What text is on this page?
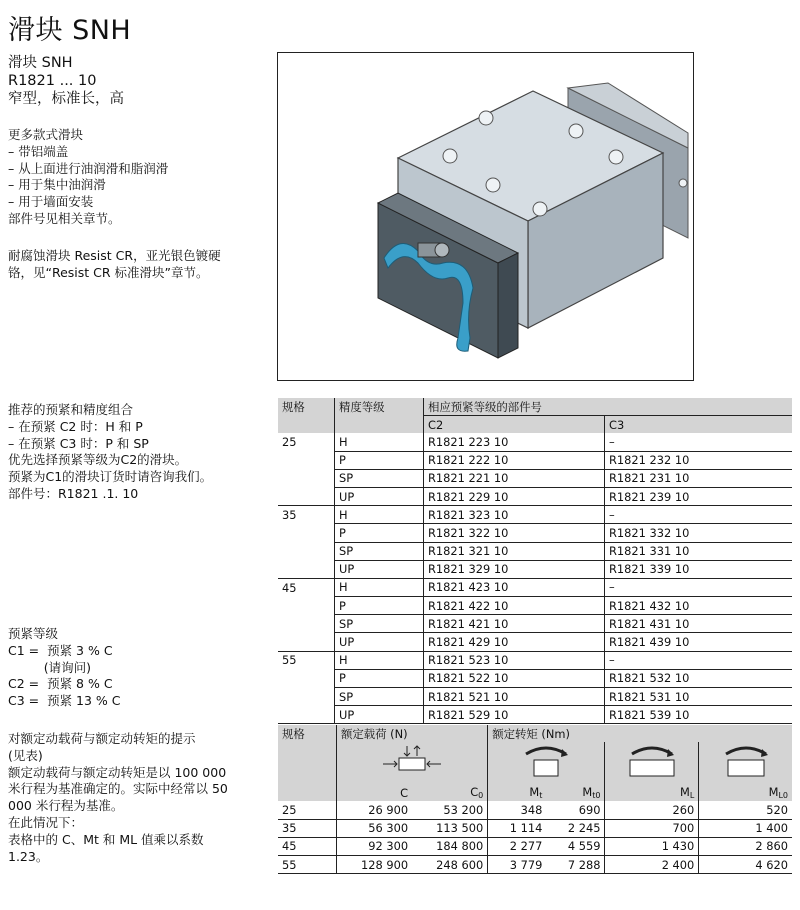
滑块 SNH
滑块 SNH
R1821 ... 10
窄型，标准长，高
更多款式滑块
– 带铝端盖
– 从上面进行油润滑和脂润滑
– 用于集中油润滑
– 用于墙面安装
部件号见相关章节。
耐腐蚀滑块 Resist CR，亚光银色镀硬
铬，见“Resist CR 标准滑块”章节。
推荐的预紧和精度组合
– 在预紧 C2 时：H 和 P
– 在预紧 C3 时：P 和 SP
优先选择预紧等级为C2的滑块。
预紧为C1的滑块订货时请咨询我们。
部件号：R1821 .1. 10
预紧等级
C1 =  预紧 3 % C
(请询问)
C2 =  预紧 8 % C
C3 =  预紧 13 % C
对额定动载荷与额定动转矩的提示
(见表)
额定动载荷与额定动转矩是以 100 000
米行程为基准确定的。实际中经常以 50
000 米行程为基准。
在此情况下：
表格中的 C、Mt 和 ML 值乘以系数
1.23。
规格	精度等级	相应预紧等级的部件号	
		C2	C3
25	H	R1821 223 10	–
	P	R1821 222 10	R1821 232 10
	SP	R1821 221 10	R1821 231 10
	UP	R1821 229 10	R1821 239 10
35	H	R1821 323 10	–
	P	R1821 322 10	R1821 332 10
	SP	R1821 321 10	R1821 331 10
	UP	R1821 329 10	R1821 339 10
45	H	R1821 423 10	–
	P	R1821 422 10	R1821 432 10
	SP	R1821 421 10	R1821 431 10
	UP	R1821 429 10	R1821 439 10
55	H	R1821 523 10	–
	P	R1821 522 10	R1821 532 10
	SP	R1821 521 10	R1821 531 10
	UP	R1821 529 10	R1821 539 10
规格	额定载荷 (N)		额定转矩 (Nm)			

	C	$C_0$	$M_t$	$M_{t0}$	$M_L$	$M_{L0}$
25	26 900	53 200	348	690	260	520
35	56 300	113 500	1 114	2 245	700	1 400
45	92 300	184 800	2 277	4 559	1 430	2 860
55	128 900	248 600	3 779	7 288	2 400	4 620
